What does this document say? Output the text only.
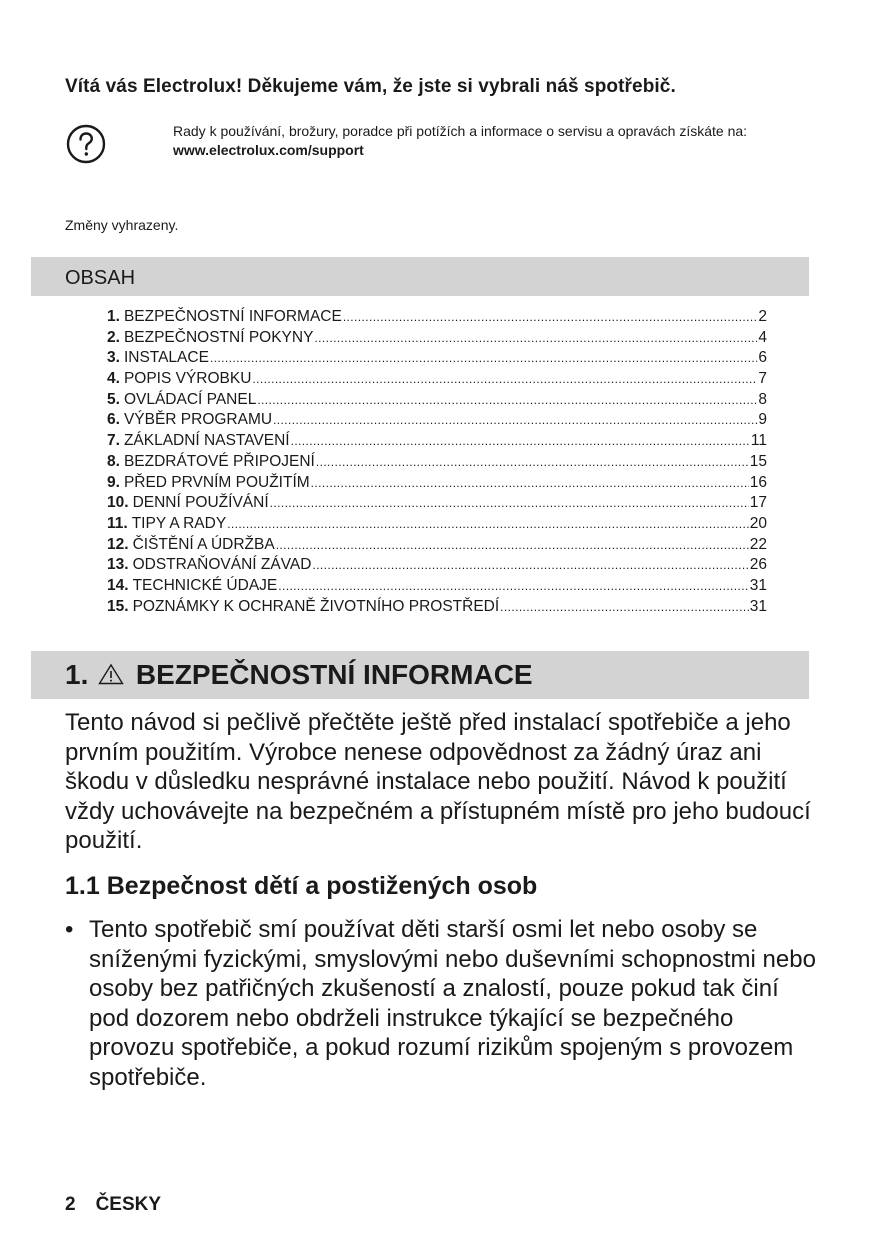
Vítá vás Electrolux! Děkujeme vám, že jste si vybrali náš spotřebič.
Rady k používání, brožury, poradce při potížích a informace o servisu a opravách získáte na:
www.electrolux.com/support
Změny vyhrazeny.
OBSAH
1. BEZPEČNOSTNÍ INFORMACE .....	2
2. BEZPEČNOSTNÍ POKYNY .....	4
3. INSTALACE .....	6
4. POPIS VÝROBKU .....	7
5. OVLÁDACÍ PANEL .....	8
6. VÝBĚR PROGRAMU .....	9
7. ZÁKLADNÍ NASTAVENÍ .....	11
8. BEZDRÁTOVÉ PŘIPOJENÍ .....	15
9. PŘED PRVNÍM POUŽITÍM .....	16
10. DENNÍ POUŽÍVÁNÍ .....	17
11. TIPY A RADY .....	20
12. ČIŠTĚNÍ A ÚDRŽBA .....	22
13. ODSTRAŇOVÁNÍ ZÁVAD .....	26
14. TECHNICKÉ ÚDAJE .....	31
15. POZNÁMKY K OCHRANĚ ŽIVOTNÍHO PROSTŘEDÍ .....	31
1. BEZPEČNOSTNÍ INFORMACE
Tento návod si pečlivě přečtěte ještě před instalací spotřebiče a jeho prvním použitím. Výrobce nenese odpovědnost za žádný úraz ani škodu v důsledku nesprávné instalace nebo použití. Návod k použití vždy uchovávejte na bezpečném a přístupném místě pro jeho budoucí použití.
1.1 Bezpečnost dětí a postižených osob
• Tento spotřebič smí používat děti starší osmi let nebo osoby se sníženými fyzickými, smyslovými nebo duševními schopnostmi nebo osoby bez patřičných zkušeností a znalostí, pouze pokud tak činí pod dozorem nebo obdrželi instrukce týkající se bezpečného provozu spotřebiče, a pokud rozumí rizikům spojeným s provozem spotřebiče.
2 ČESKY
